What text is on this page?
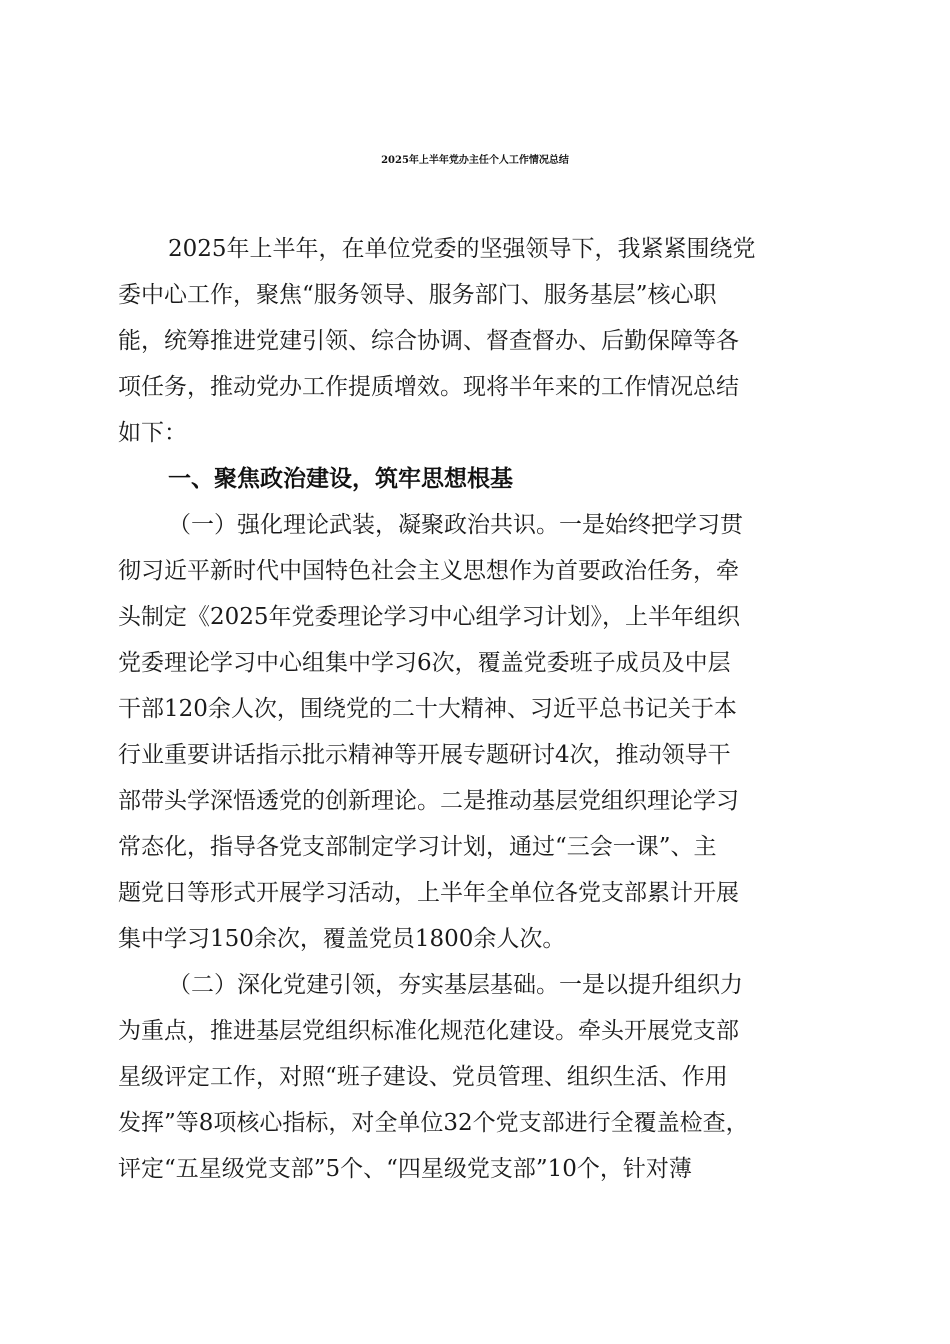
2025年上半年党办主任个人工作情况总结
2025年上半年，在单位党委的坚强领导下，我紧紧围绕党
委中心工作，聚焦“服务领导、服务部门、服务基层”核心职
能，统筹推进党建引领、综合协调、督查督办、后勤保障等各
项任务，推动党办工作提质增效。现将半年来的工作情况总结
如下：
一、聚焦政治建设，筑牢思想根基
（一）强化理论武装，凝聚政治共识。一是始终把学习贯
彻习近平新时代中国特色社会主义思想作为首要政治任务，牵
头制定《2025年党委理论学习中心组学习计划》，上半年组织
党委理论学习中心组集中学习6次，覆盖党委班子成员及中层
干部120余人次，围绕党的二十大精神、习近平总书记关于本
行业重要讲话指示批示精神等开展专题研讨4次，推动领导干
部带头学深悟透党的创新理论。二是推动基层党组织理论学习
常态化，指导各党支部制定学习计划，通过“三会一课”、主
题党日等形式开展学习活动，上半年全单位各党支部累计开展
集中学习150余次，覆盖党员1800余人次。
（二）深化党建引领，夯实基层基础。一是以提升组织力
为重点，推进基层党组织标准化规范化建设。牵头开展党支部
星级评定工作，对照“班子建设、党员管理、组织生活、作用
发挥”等8项核心指标，对全单位32个党支部进行全覆盖检查，
评定“五星级党支部”5个、“四星级党支部”10个，针对薄
